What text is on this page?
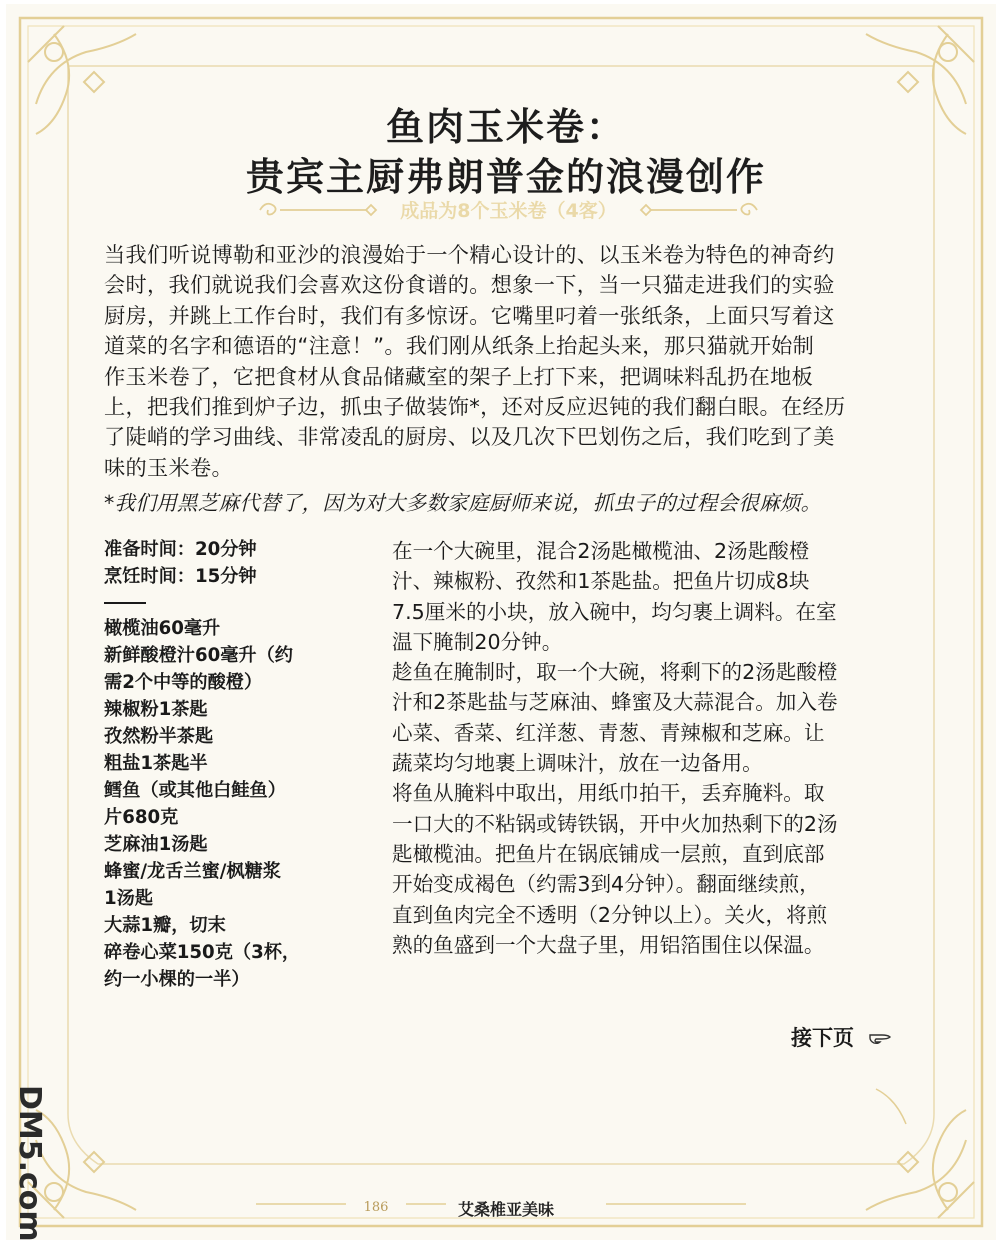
鱼肉玉米卷：
贵宾主厨弗朗普金的浪漫创作
成品为8个玉米卷（4客）

当我们听说博勒和亚沙的浪漫始于一个精心设计的、以玉米卷为特色的神奇约

会时，我们就说我们会喜欢这份食谱的。想象一下，当一只猫走进我们的实验

厨房，并跳上工作台时，我们有多惊讶。它嘴里叼着一张纸条，上面只写着这

道菜的名字和德语的“注意！”。我们刚从纸条上抬起头来，那只猫就开始制

作玉米卷了，它把食材从食品储藏室的架子上打下来，把调味料乱扔在地板

上，把我们推到炉子边，抓虫子做装饰*，还对反应迟钝的我们翻白眼。在经历

了陡峭的学习曲线、非常凌乱的厨房、以及几次下巴划伤之后，我们吃到了美

味的玉米卷。

*我们用黑芝麻代替了，因为对大多数家庭厨师来说，抓虫子的过程会很麻烦。
准备时间：20分钟
烹饪时间：15分钟
橄榄油60毫升
新鲜酸橙汁60毫升（约
需2个中等的酸橙）
辣椒粉1茶匙
孜然粉半茶匙
粗盐1茶匙半
鳕鱼（或其他白鲑鱼）
片680克
芝麻油1汤匙
蜂蜜/龙舌兰蜜/枫糖浆
1汤匙
大蒜1瓣，切末
碎卷心菜150克（3杯，
约一小棵的一半）

在一个大碗里，混合2汤匙橄榄油、2汤匙酸橙

汁、辣椒粉、孜然和1茶匙盐。把鱼片切成8块

7.5厘米的小块，放入碗中，均匀裹上调料。在室

温下腌制20分钟。

趁鱼在腌制时，取一个大碗，将剩下的2汤匙酸橙

汁和2茶匙盐与芝麻油、蜂蜜及大蒜混合。加入卷

心菜、香菜、红洋葱、青葱、青辣椒和芝麻。让

蔬菜均匀地裹上调味汁，放在一边备用。

将鱼从腌料中取出，用纸巾拍干，丢弃腌料。取

一口大的不粘锅或铸铁锅，开中火加热剩下的2汤

匙橄榄油。把鱼片在锅底铺成一层煎，直到底部

开始变成褐色（约需3到4分钟）。翻面继续煎，

直到鱼肉完全不透明（2分钟以上）。关火，将煎

熟的鱼盛到一个大盘子里，用铝箔围住以保温。

接下页
186	艾桑椎亚美味
DM5.com
